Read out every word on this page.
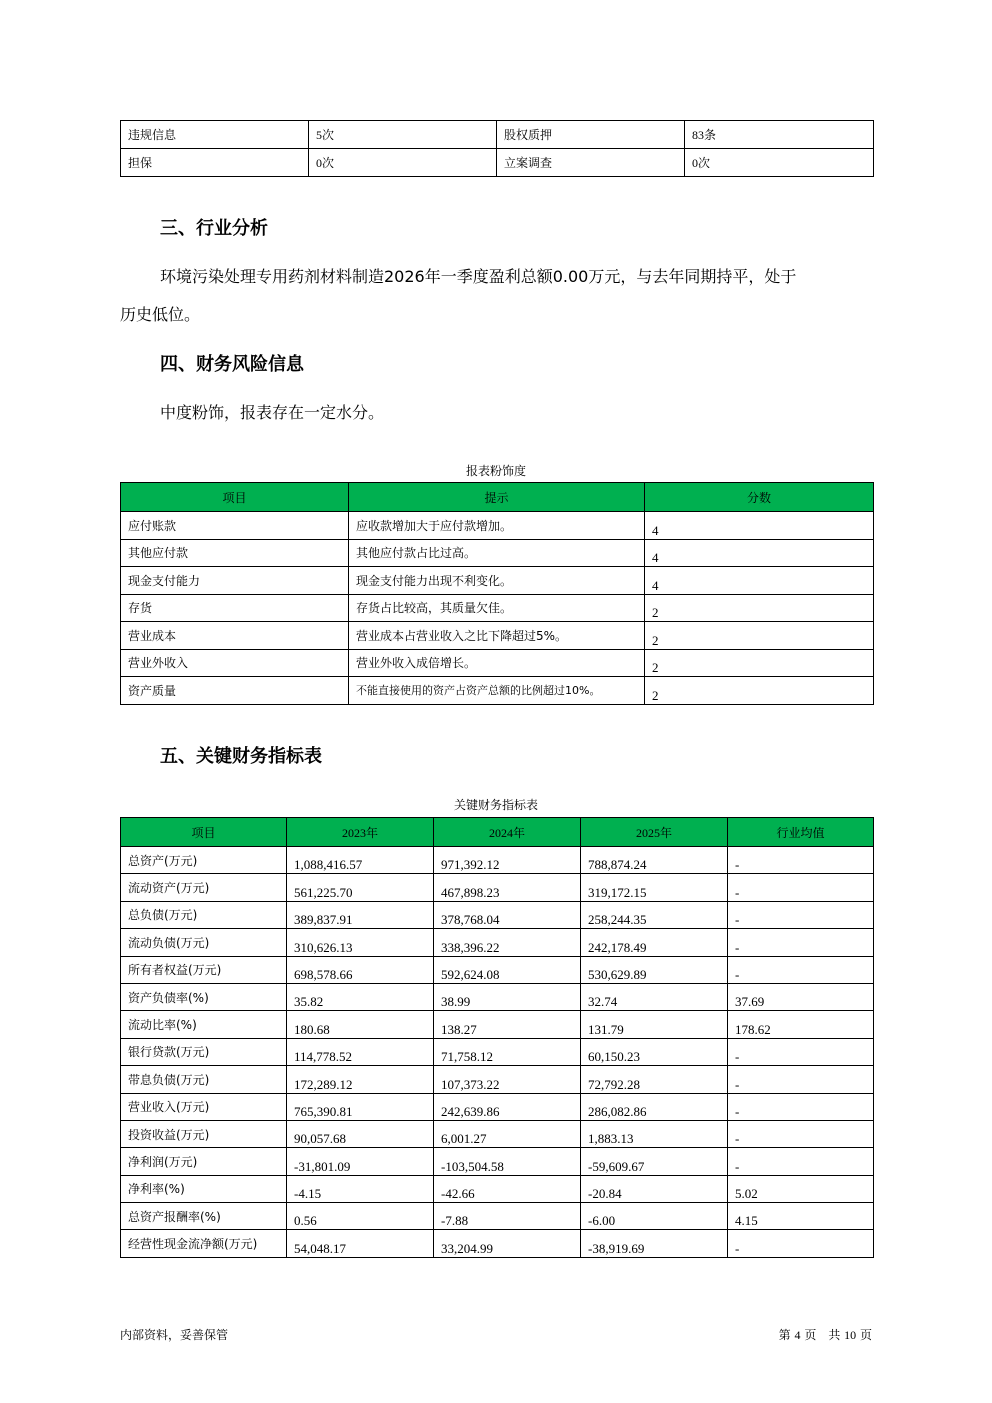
违规信息	5次	股权质押	83条
担保	0次	立案调查	0次
三、行业分析

环境污染处理专用药剂材料制造2026年一季度盈利总额0.00万元，与去年同期持平，处于

历史低位。

四、财务风险信息

中度粉饰，报表存在一定水分。

报表粉饰度

项目	提示	分数
应付账款	应收款增加大于应付款增加。	4
其他应付款	其他应付款占比过高。	4
现金支付能力	现金支付能力出现不利变化。	4
存货	存货占比较高，其质量欠佳。	2
营业成本	营业成本占营业收入之比下降超过5%。	2
营业外收入	营业外收入成倍增长。	2
资产质量	不能直接使用的资产占资产总额的比例超过10%。	2
五、关键财务指标表

关键财务指标表

项目	2023年	2024年	2025年	行业均值
总资产(万元)	1,088,416.57	971,392.12	788,874.24	-
流动资产(万元)	561,225.70	467,898.23	319,172.15	-
总负债(万元)	389,837.91	378,768.04	258,244.35	-
流动负债(万元)	310,626.13	338,396.22	242,178.49	-
所有者权益(万元)	698,578.66	592,624.08	530,629.89	-
资产负债率(%)	35.82	38.99	32.74	37.69
流动比率(%)	180.68	138.27	131.79	178.62
银行贷款(万元)	114,778.52	71,758.12	60,150.23	-
带息负债(万元)	172,289.12	107,373.22	72,792.28	-
营业收入(万元)	765,390.81	242,639.86	286,082.86	-
投资收益(万元)	90,057.68	6,001.27	1,883.13	-
净利润(万元)	-31,801.09	-103,504.58	-59,609.67	-
净利率(%)	-4.15	-42.66	-20.84	5.02
总资产报酬率(%)	0.56	-7.88	-6.00	4.15
经营性现金流净额(万元)	54,048.17	33,204.99	-38,919.69	-
内部资料，妥善保管	第 4 页　共 10 页
